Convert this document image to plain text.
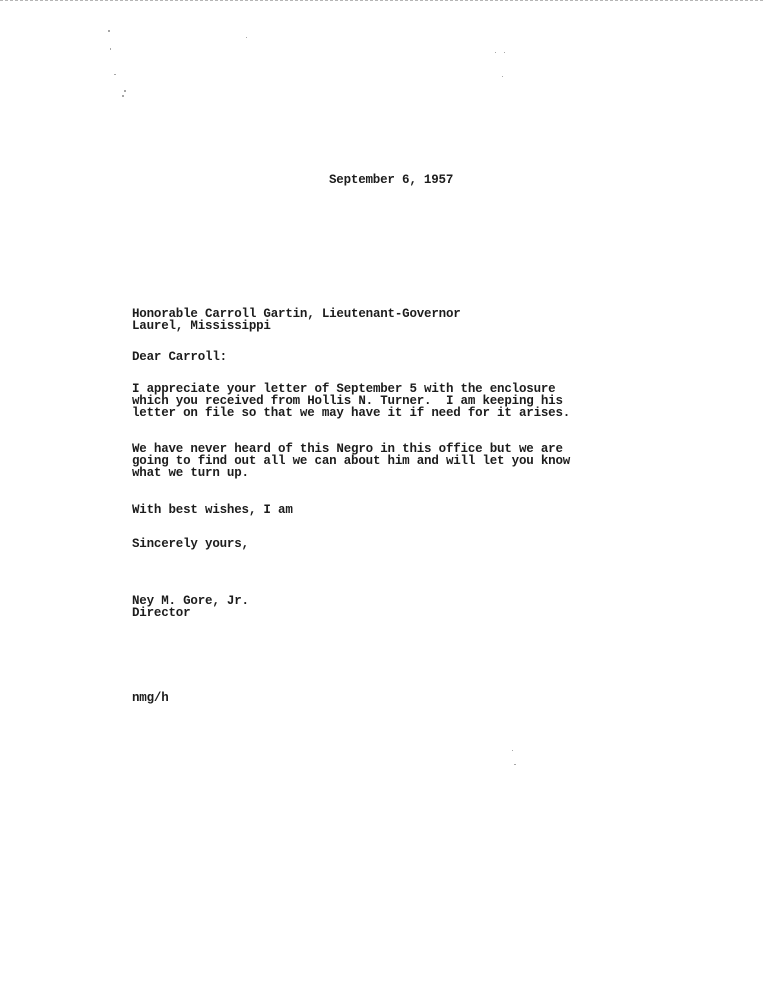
September 6, 1957
Honorable Carroll Gartin, Lieutenant-Governor
Laurel, Mississippi
Dear Carroll:
I appreciate your letter of September 5 with the enclosure
which you received from Hollis N. Turner.  I am keeping his
letter on file so that we may have it if need for it arises.
We have never heard of this Negro in this office but we are
going to find out all we can about him and will let you know
what we turn up.
With best wishes, I am
Sincerely yours,
Ney M. Gore, Jr.
Director
nmg/h
